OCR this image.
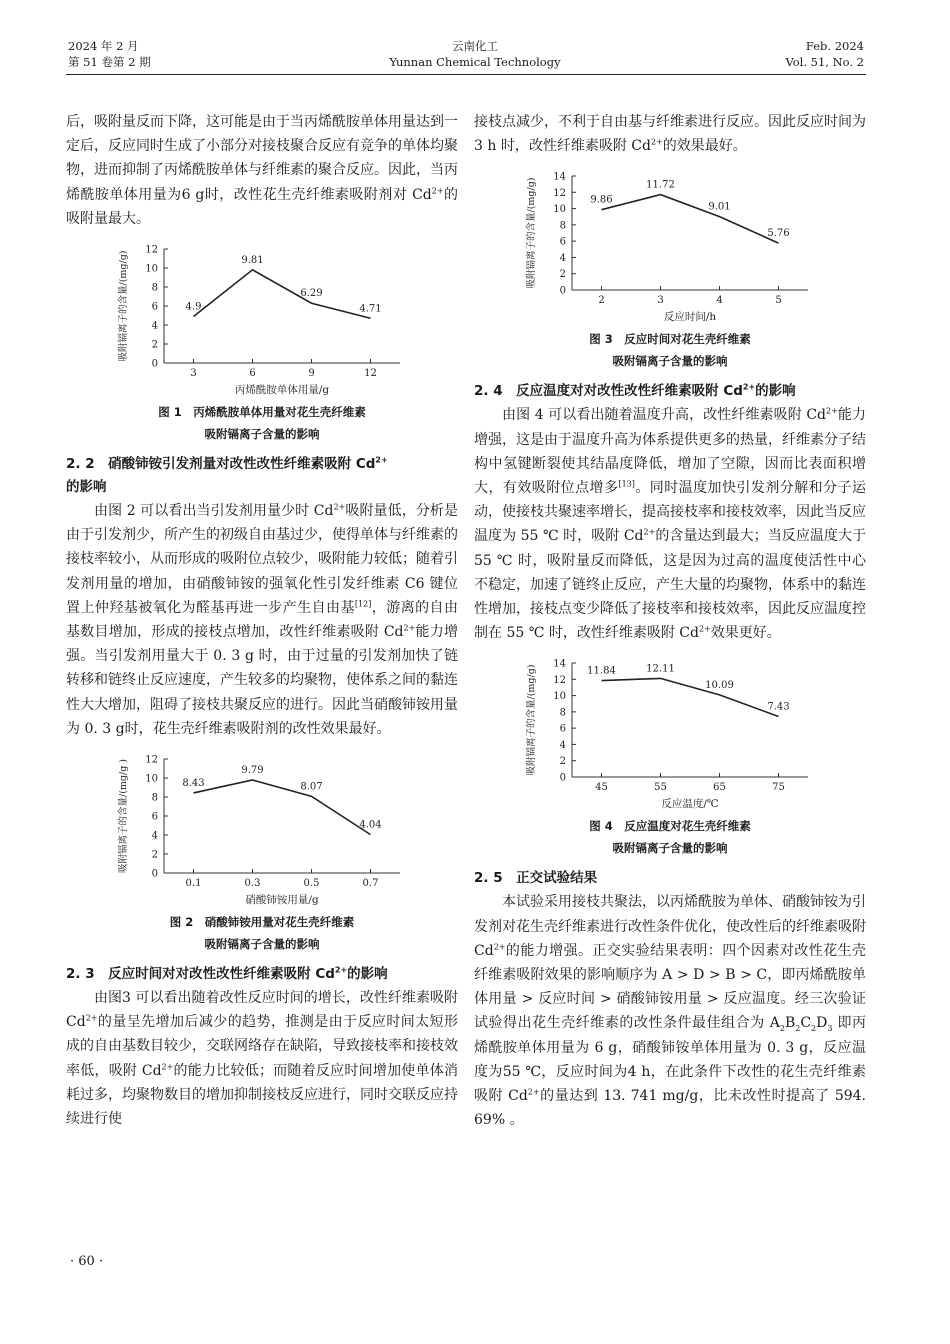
2024 年 2 月
第 51 卷第 2 期
云南化工
Yunnan Chemical Technology
Feb. 2024
Vol. 51, No. 2

后，吸附量反而下降，这可能是由于当丙烯酰胺单体用量达到一定后，反应同时生成了小部分对接枝聚合反应有竞争的单体均聚物，进而抑制了丙烯酰胺单体与纤维素的聚合反应。因此，当丙烯酰胺单体用量为6 g时，改性花生壳纤维素吸附剂对 $Cd^{2+}$的吸附量最大。

0
2
4
6
8
10
12
3	6	9	12
4.9
9.81
6.29
4.71
丙烯酰胺单体用量/g
吸附镉离子的含量/(mg/g)
图 1　丙烯酰胺单体用量对花生壳纤维素
吸附镉离子含量的影响

2. 2　硝酸铈铵引发剂量对改性改性纤维素吸附 $Cd^{2+}$
的影响

由图 2 可以看出当引发剂用量少时 $Cd^{2+}$吸附量低，分析是由于引发剂少，所产生的初级自由基过少，使得单体与纤维素的接枝率较小，从而形成的吸附位点较少，吸附能力较低；随着引发剂用量的增加，由硝酸铈铵的强氧化性引发纤维素 C6 键位置上仲羟基被氧化为醛基再进一步产生自由基[12]，游离的自由基数目增加，形成的接枝点增加，改性纤维素吸附 $Cd^{2+}$能力增强。当引发剂用量大于 0. 3 g 时，由于过量的引发剂加快了链转移和链终止反应速度，产生较多的均聚物，使体系之间的黏连性大大增加，阻碍了接枝共聚反应的进行。因此当硝酸铈铵用量为 0. 3 g时，花生壳纤维素吸附剂的改性效果最好。

0
2
4
6
8
10
12
0.1	0.3	0.5	0.7
8.43
9.79
8.07
4.04
硝酸铈铵用量/g
吸附镉离子的含量/(mg/g )
图 2　硝酸铈铵用量对花生壳纤维素
吸附镉离子含量的影响

2. 3　反应时间对对改性改性纤维素吸附 $Cd^{2+}$的影响

由图3 可以看出随着改性反应时间的增长，改性纤维素吸附 $Cd^{2+}$的量呈先增加后减少的趋势，推测是由于反应时间太短形成的自由基数目较少，交联网络存在缺陷，导致接枝率和接枝效率低，吸附 $Cd^{2+}$的能力比较低；而随着反应时间增加使单体消耗过多，均聚物数目的增加抑制接枝反应进行，同时交联反应持续进行使

接枝点减少，不利于自由基与纤维素进行反应。因此反应时间为 3 h 时，改性纤维素吸附 $Cd^{2+}$的效果最好。

0
2
4
6
8
10
12
14
2	3	4	5
9.86
11.72
9.01
5.76
反应时间/h
吸附镉离子的含量/(mg/g)
图 3　反应时间对花生壳纤维素
吸附镉离子含量的影响

2. 4　反应温度对对改性改性纤维素吸附 $Cd^{2+}$的影响

由图 4 可以看出随着温度升高，改性纤维素吸附 $Cd^{2+}$能力增强，这是由于温度升高为体系提供更多的热量，纤维素分子结构中氢键断裂使其结晶度降低，增加了空隙，因而比表面积增大，有效吸附位点增多[13]。同时温度加快引发剂分解和分子运动，使接枝共聚速率增长，提高接枝率和接枝效率，因此当反应温度为 55 ℃ 时，吸附 $Cd^{2+}$的含量达到最大；当反应温度大于 55 ℃ 时，吸附量反而降低，这是因为过高的温度使活性中心不稳定，加速了链终止反应，产生大量的均聚物，体系中的黏连性增加，接枝点变少降低了接枝率和接枝效率，因此反应温度控制在 55 ℃ 时，改性纤维素吸附 $Cd^{2+}$效果更好。

0
2
4
6
8
10
12
14
45	55	65	75
11.84	12.11
10.09
7.43
反应温度/℃
吸附镉离子的含量/(mg/g)
图 4　反应温度对花生壳纤维素
吸附镉离子含量的影响

2. 5　正交试验结果

本试验采用接枝共聚法，以丙烯酰胺为单体、硝酸铈铵为引发剂对花生壳纤维素进行改性条件优化，使改性后的纤维素吸附 $Cd^{2+}$的能力增强。正交实验结果表明：四个因素对改性花生壳纤维素吸附效果的影响顺序为 A > D > B > C，即丙烯酰胺单体用量 > 反应时间 > 硝酸铈铵用量 > 反应温度。经三次验证试验得出花生壳纤维素的改性条件最佳组合为 $A_2B_2C_2D_3$ 即丙烯酰胺单体用量为 6 g，硝酸铈铵单体用量为 0. 3 g，反应温度为55 ℃，反应时间为4 h，在此条件下改性的花生壳纤维素吸附 $Cd^{2+}$的量达到 13. 741 mg/g，比未改性时提高了 594. 69% 。

· 60 ·
